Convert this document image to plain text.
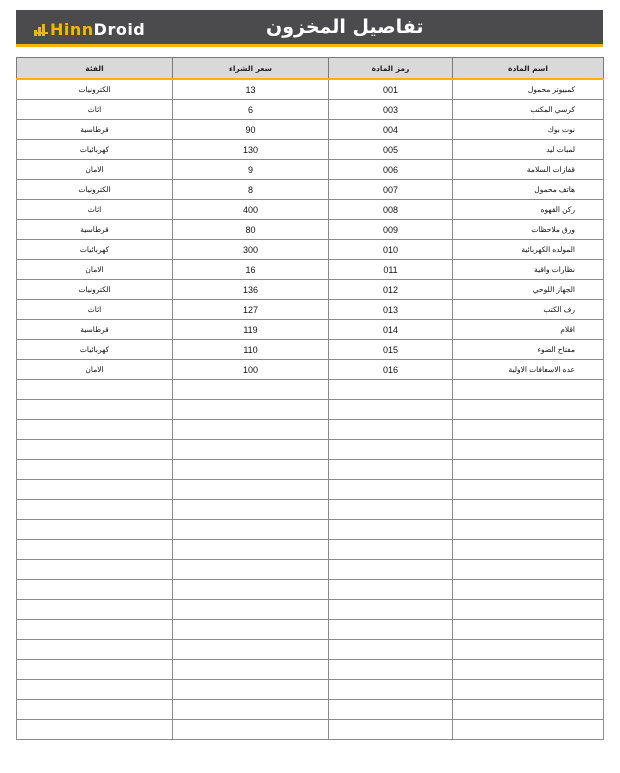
HinnDroid	تفاصيل المخزون
اسم المادة	رمز المادة	سعر الشراء	الفئة
كمبيوتر محمول	001	13	الكترونيات
كرسي المكتب	003	6	اثاث
نوت بوك	004	90	قرطاسية
لمبات ليد	005	130	كهربائيات
قفازات السلامة	006	9	الامان
هاتف محمول	007	8	الكترونيات
ركن القهوه	008	400	اثاث
ورق ملاحظات	009	80	قرطاسية
المولده الكهربائية	010	300	كهربائيات
نظارات واقية	011	16	الامان
الجهاز اللوحي	012	136	الكترونيات
رف الكتب	013	127	اثاث
اقلام	014	119	قرطاسية
مفتاح الضوء	015	110	كهربائيات
عده الاسعافات الاولية	016	100	الامان
